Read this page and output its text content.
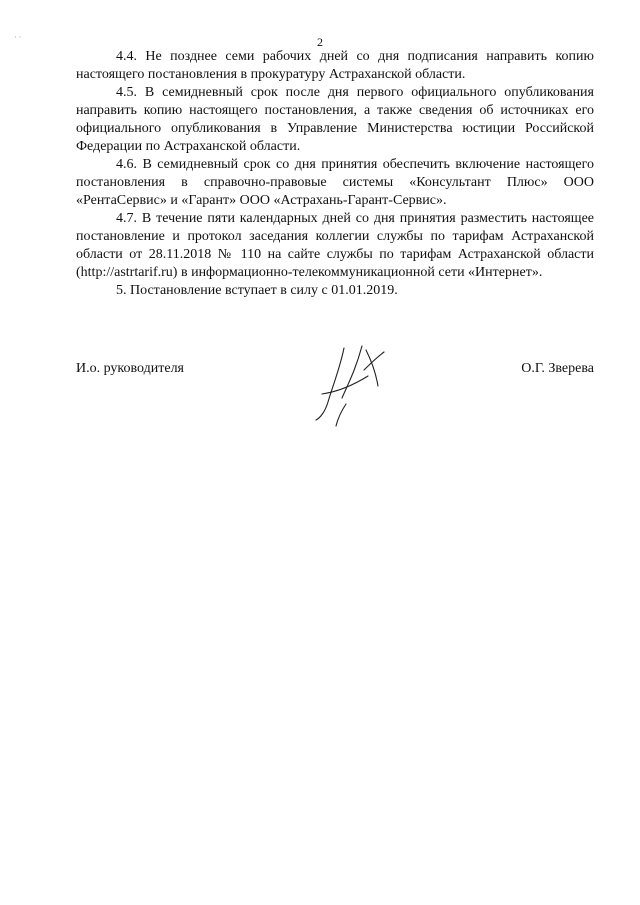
· ·	2

4.4. Не позднее семи рабочих дней со дня подписания направить копию настоящего постановления в прокуратуру Астраханской области.

4.5. В семидневный срок после дня первого официального опубликования направить копию настоящего постановления, а также сведения об источниках его официального опубликования в Управление Министерства юстиции Российской Федерации по Астраханской области.

4.6. В семидневный срок со дня принятия обеспечить включение настоящего постановления в справочно-правовые системы «Консультант Плюс» ООО «РентаСервис» и «Гарант» ООО «Астрахань-Гарант-Сервис».

4.7. В течение пяти календарных дней со дня принятия разместить настоящее постановление и протокол заседания коллегии службы по тарифам Астраханской области от 28.11.2018 № 110 на сайте службы по тарифам Астраханской области (http://astrtarif.ru) в информационно-телекоммуникационной сети «Интернет».

5. Постановление вступает в силу с 01.01.2019.

И.о. руководителя	О.Г. Зверева
